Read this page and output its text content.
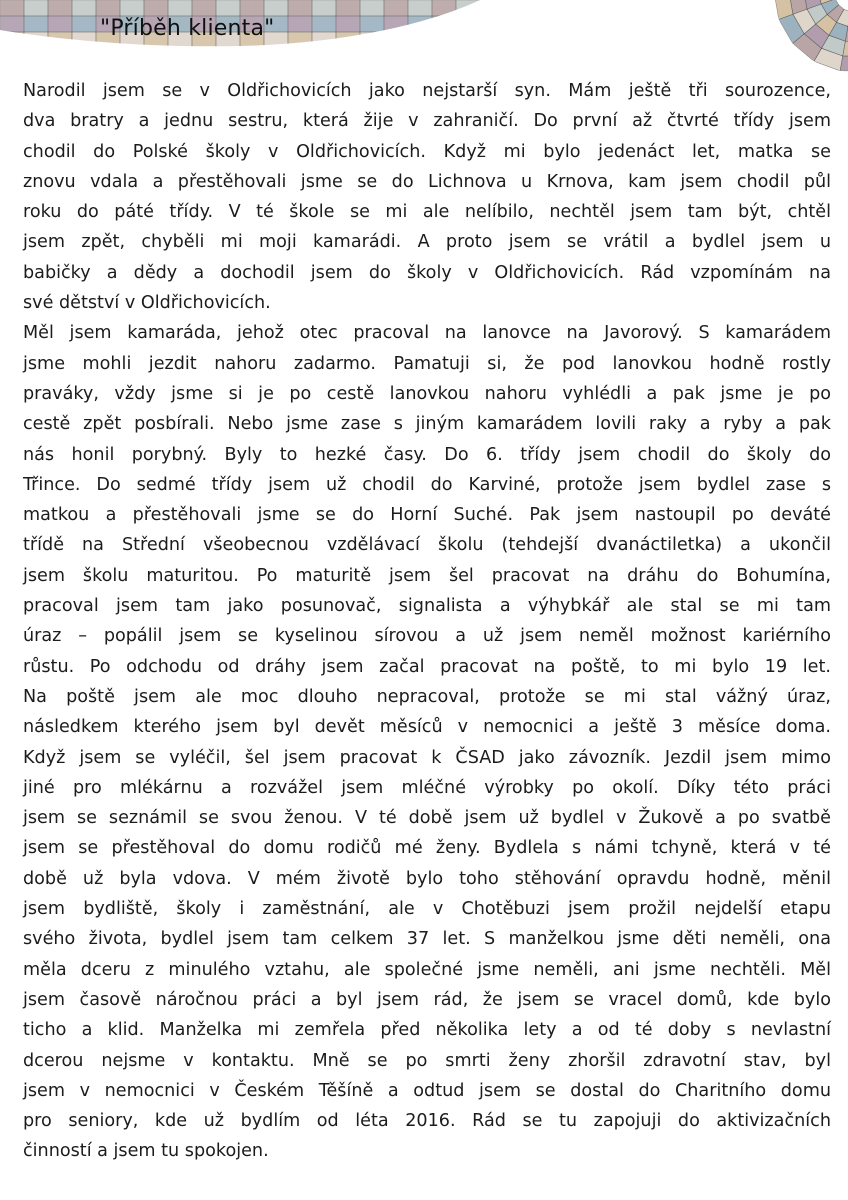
"Příběh klienta"
Narodil jsem se v Oldřichovicích jako nejstarší syn. Mám ještě tři sourozence,
dva bratry a jednu sestru, která žije v zahraničí. Do první až čtvrté třídy jsem
chodil do Polské školy v Oldřichovicích. Když mi bylo jedenáct let, matka se
znovu vdala a přestěhovali jsme se do Lichnova u Krnova, kam jsem chodil půl
roku do páté třídy. V té škole se mi ale nelíbilo, nechtěl jsem tam být, chtěl
jsem zpět, chyběli mi moji kamarádi. A proto jsem se vrátil a bydlel jsem u
babičky a dědy a dochodil jsem do školy v Oldřichovicích. Rád vzpomínám na
své dětství v Oldřichovicích.
Měl jsem kamaráda, jehož otec pracoval na lanovce na Javorový. S kamarádem
jsme mohli jezdit nahoru zadarmo. Pamatuji si, že pod lanovkou hodně rostly
praváky, vždy jsme si je po cestě lanovkou nahoru vyhlédli a pak jsme je po
cestě zpět posbírali. Nebo jsme zase s jiným kamarádem lovili raky a ryby a pak
nás honil porybný. Byly to hezké časy. Do 6. třídy jsem chodil do školy do
Třince. Do sedmé třídy jsem už chodil do Karviné, protože jsem bydlel zase s
matkou a přestěhovali jsme se do Horní Suché. Pak jsem nastoupil po deváté
třídě na Střední všeobecnou vzdělávací školu (tehdejší dvanáctiletka) a ukončil
jsem školu maturitou. Po maturitě jsem šel pracovat na dráhu do Bohumína,
pracoval jsem tam jako posunovač, signalista a výhybkář ale stal se mi tam
úraz – popálil jsem se kyselinou sírovou a už jsem neměl možnost kariérního
růstu. Po odchodu od dráhy jsem začal pracovat na poště, to mi bylo 19 let.
Na poště jsem ale moc dlouho nepracoval, protože se mi stal vážný úraz,
následkem kterého jsem byl devět měsíců v nemocnici a ještě 3 měsíce doma.
Když jsem se vyléčil, šel jsem pracovat k ČSAD jako závozník. Jezdil jsem mimo
jiné pro mlékárnu a rozvážel jsem mléčné výrobky po okolí. Díky této práci
jsem se seznámil se svou ženou. V té době jsem už bydlel v Žukově a po svatbě
jsem se přestěhoval do domu rodičů mé ženy. Bydlela s námi tchyně, která v té
době už byla vdova. V mém životě bylo toho stěhování opravdu hodně, měnil
jsem bydliště, školy i zaměstnání, ale v Chotěbuzi jsem prožil nejdelší etapu
svého života, bydlel jsem tam celkem 37 let. S manželkou jsme děti neměli, ona
měla dceru z minulého vztahu, ale společné jsme neměli, ani jsme nechtěli. Měl
jsem časově náročnou práci a byl jsem rád, že jsem se vracel domů, kde bylo
ticho a klid. Manželka mi zemřela před několika lety a od té doby s nevlastní
dcerou nejsme v kontaktu. Mně se po smrti ženy zhoršil zdravotní stav, byl
jsem v nemocnici v Českém Těšíně a odtud jsem se dostal do Charitního domu
pro seniory, kde už bydlím od léta 2016. Rád se tu zapojuji do aktivizačních
činností a jsem tu spokojen.
